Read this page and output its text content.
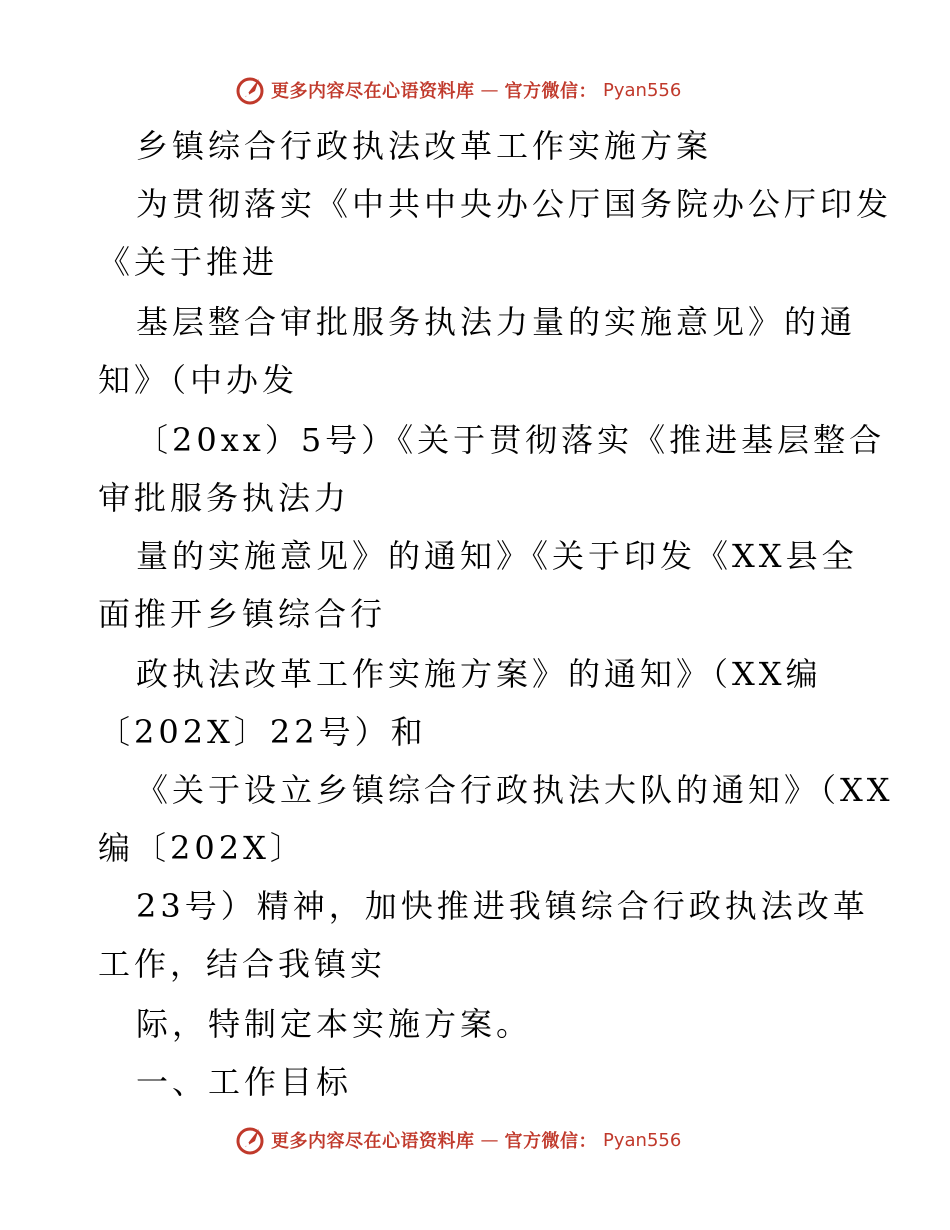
更多内容尽在心语资料库 — 官方微信： Pyan556
乡镇综合行政执法改革工作实施方案
为贯彻落实《中共中央办公厅国务院办公厅印发
《关于推进
基层整合审批服务执法力量的实施意见》的通
知》（中办发
〔20xx）5号）《关于贯彻落实《推进基层整合
审批服务执法力
量的实施意见》的通知》《关于印发《XX县全
面推开乡镇综合行
政执法改革工作实施方案》的通知》（XX编
〔202X〕22号）和
《关于设立乡镇综合行政执法大队的通知》（XX
编〔202X〕
23号）精神，加快推进我镇综合行政执法改革
工作，结合我镇实
际，特制定本实施方案。
一、工作目标
更多内容尽在心语资料库 — 官方微信： Pyan556
